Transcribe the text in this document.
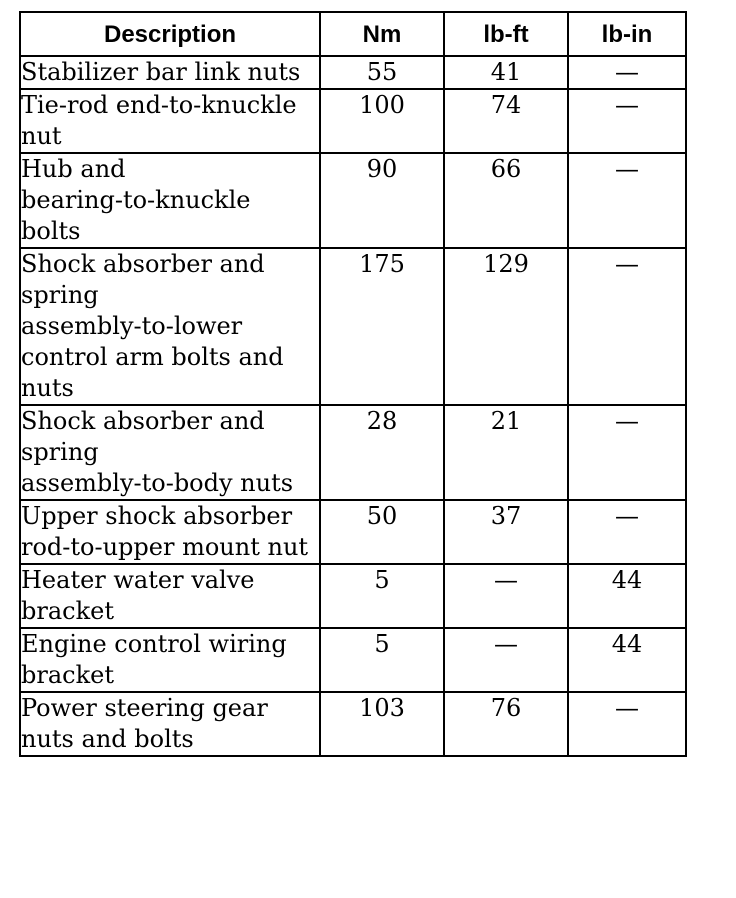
Description	Nm	lb-ft	lb-in
Stabilizer bar link nuts	55	41	—
Tie-rod end-to-knuckle
nut	100	74	—
Hub and
bearing-to-knuckle
bolts	90	66	—
Shock absorber and
spring
assembly-to-lower
control arm bolts and
nuts	175	129	—
Shock absorber and
spring
assembly-to-body nuts	28	21	—
Upper shock absorber
rod-to-upper mount nut	50	37	—
Heater water valve
bracket	5	—	44
Engine control wiring
bracket	5	—	44
Power steering gear
nuts and bolts	103	76	—
